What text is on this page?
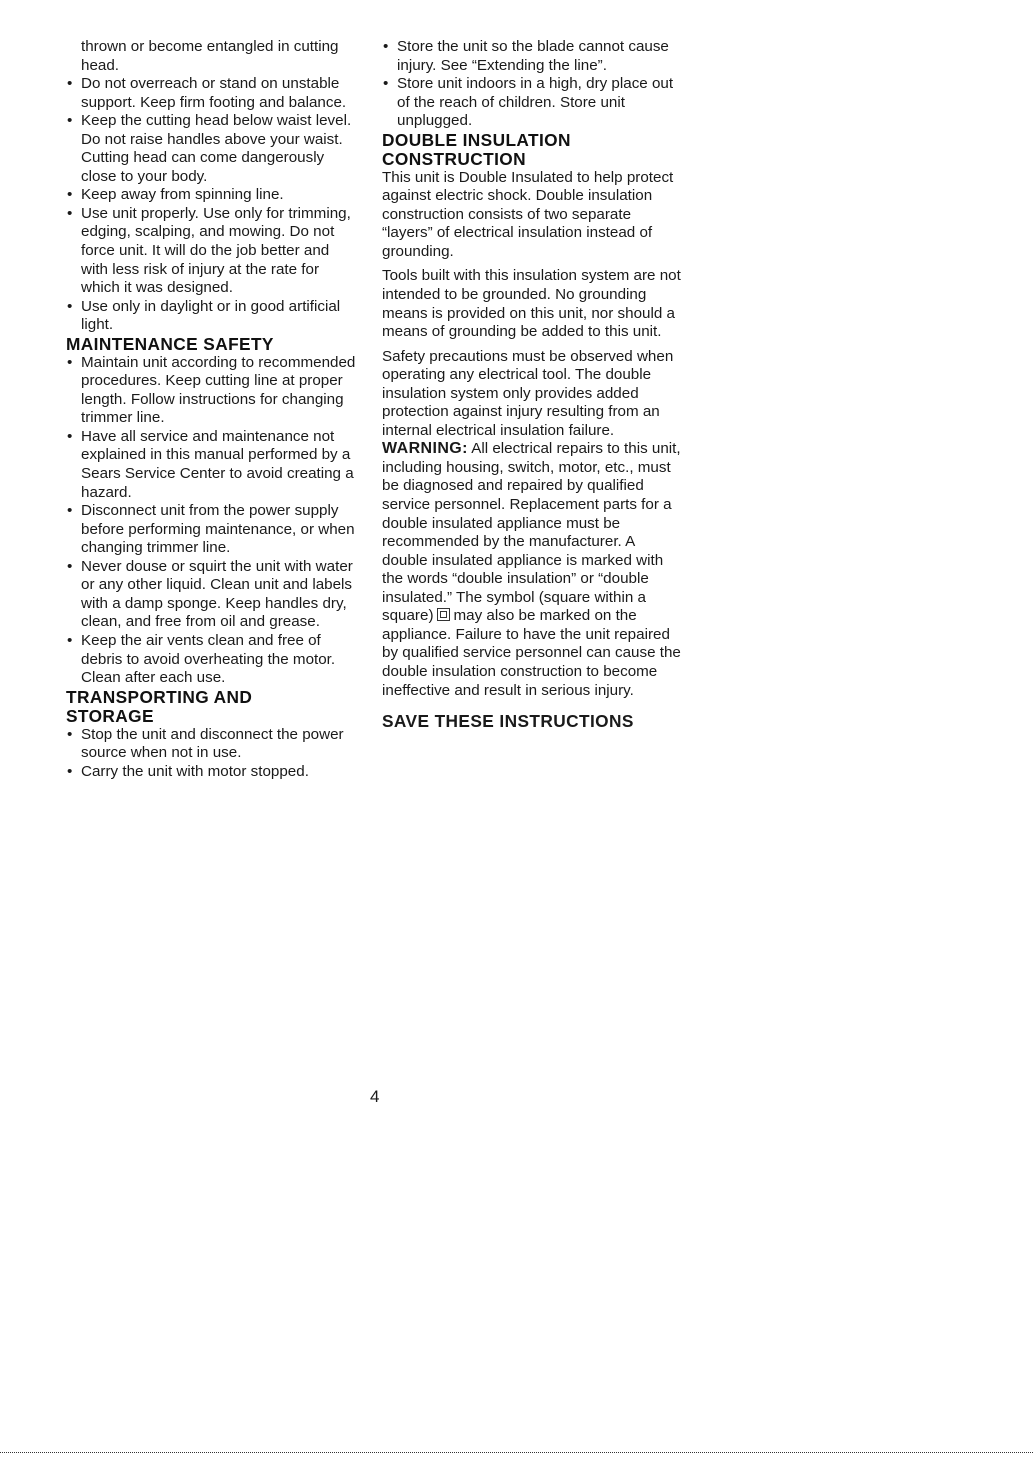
thrown or become entangled in cutting head.

• Do not overreach or stand on unstable support. Keep firm footing and balance.
• Keep the cutting head below waist level. Do not raise handles above your waist. Cutting head can come dangerously close to your body.
• Keep away from spinning line.
• Use unit properly. Use only for trimming, edging, scalping, and mowing. Do not force unit. It will do the job better and with less risk of injury at the rate for which it was designed.
• Use only in daylight or in good artificial light.
MAINTENANCE SAFETY
• Maintain unit according to recommended procedures. Keep cutting line at proper length. Follow instructions for changing trimmer line.
• Have all service and maintenance not explained in this manual performed by a Sears Service Center to avoid creating a hazard.
• Disconnect unit from the power supply before performing maintenance, or when changing trimmer line.
• Never douse or squirt the unit with water or any other liquid. Clean unit and labels with a damp sponge. Keep handles dry, clean, and free from oil and grease.
• Keep the air vents clean and free of debris to avoid overheating the motor. Clean after each use.
TRANSPORTING AND
STORAGE
• Stop the unit and disconnect the power source when not in use.
• Carry the unit with motor stopped.
• Store the unit so the blade cannot cause injury. See “Extending the line”.
• Store unit indoors in a high, dry place out of the reach of children. Store unit unplugged.
DOUBLE INSULATION
CONSTRUCTION

This unit is Double Insulated to help protect against electric shock. Double insulation construction consists of two separate “layers” of electrical insulation instead of grounding.

Tools built with this insulation system are not intended to be grounded. No grounding means is provided on this unit, nor should a means of grounding be added to this unit.

Safety precautions must be observed when operating any electrical tool. The double insulation system only provides added protection against injury resulting from an internal electrical insulation failure.

WARNING: All electrical repairs to this unit, including housing, switch, motor, etc., must be diagnosed and repaired by qualified service personnel. Replacement parts for a double insulated appliance must be recommended by the manufacturer. A double insulated appliance is marked with the words “double insulation” or “double insulated.” The symbol (square within a square) may also be marked on the appliance. Failure to have the unit repaired by qualified service personnel can cause the double insulation construction to become ineffective and result in serious injury.

SAVE THESE INSTRUCTIONS
4
